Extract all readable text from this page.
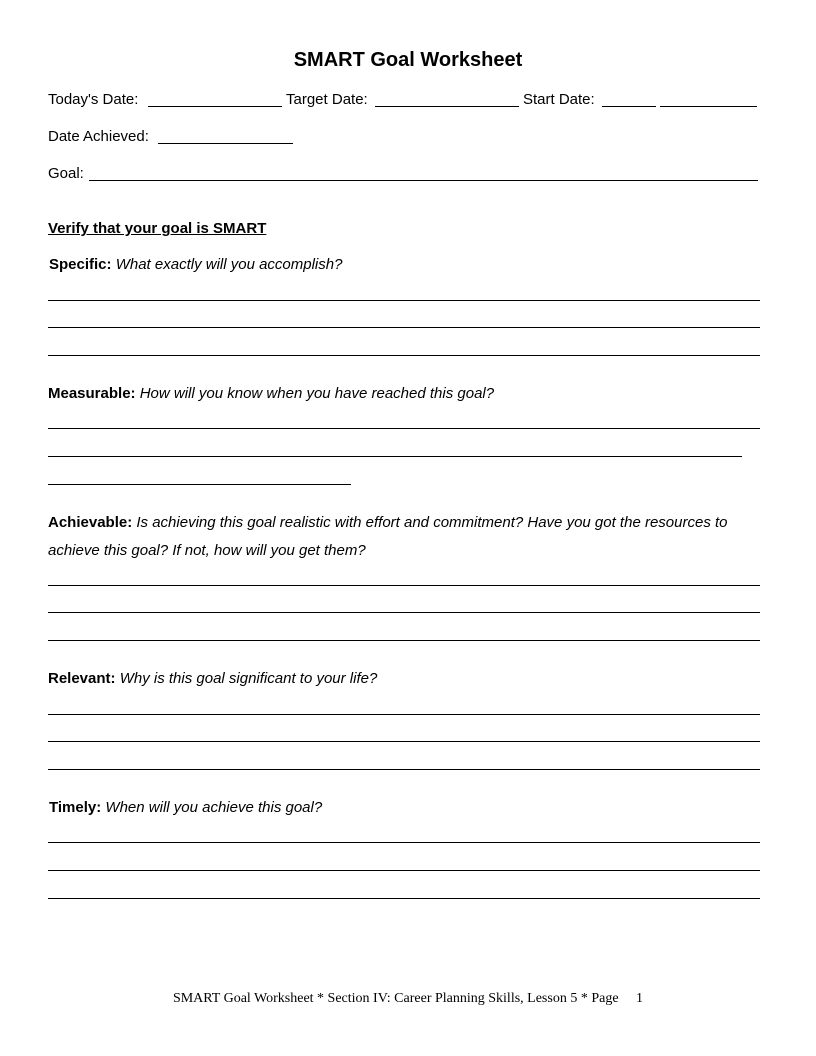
SMART Goal Worksheet
Today's Date:	Target Date:	Start Date:
Date Achieved:
Goal:
Verify that your goal is SMART
Specific: What exactly will you accomplish?
Measurable: How will you know when you have reached this goal?
Achievable: Is achieving this goal realistic with effort and commitment? Have you got the resources to achieve this goal? If not, how will you get them?
Relevant: Why is this goal significant to your life?
Timely: When will you achieve this goal?
SMART Goal Worksheet * Section IV: Career Planning Skills, Lesson 5 * Page     1
